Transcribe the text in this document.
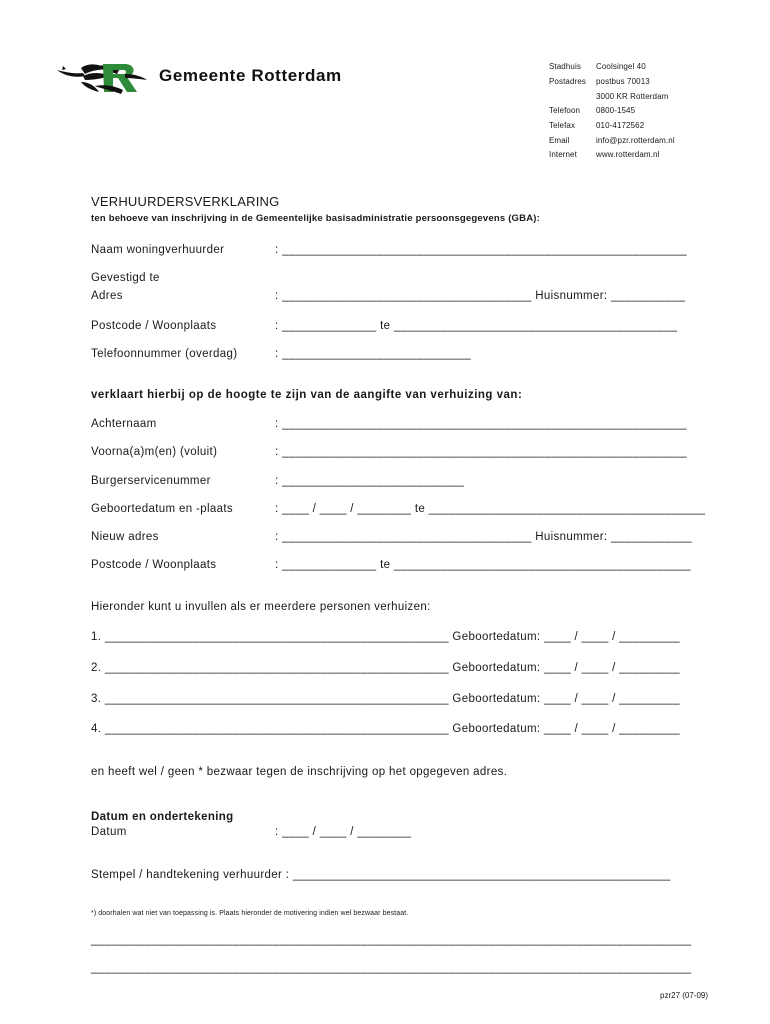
Gemeente Rotterdam	Stadhuis Coolsingel 40
Postadres postbus 70013
3000 KR Rotterdam
Telefoon 0800-1545
Telefax	010-4172562
Email	info@pzr.rotterdam.nl
Internet www.rotterdam.nl
VERHUURDERSVERKLARING
ten behoeve van inschrijving in de Gemeentelijke basisadministratie persoonsgegevens (GBA):
Naam woningverhuurder	: ____________________________________________________________
Gevestigd te
Adres	: _____________________________________ Huisnummer: ___________
Postcode / Woonplaats	: ______________ te __________________________________________
Telefoonnummer (overdag)	: ____________________________
verklaart hierbij op de hoogte te zijn van de aangifte van verhuizing van:
Achternaam	: ____________________________________________________________
Voorna(a)m(en) (voluit)	: ____________________________________________________________
Burgerservicenummer	: ___________________________
Geboortedatum en -plaats	: ____ / ____ / ________ te _________________________________________
Nieuw adres	: _____________________________________ Huisnummer: ____________
Postcode / Woonplaats	: ______________ te ____________________________________________
Hieronder kunt u invullen als er meerdere personen verhuizen:
1. ___________________________________________________ Geboortedatum: ____ / ____ / _________
2. ___________________________________________________ Geboortedatum: ____ / ____ / _________
3. ___________________________________________________ Geboortedatum: ____ / ____ / _________
4. ___________________________________________________ Geboortedatum: ____ / ____ / _________
en heeft wel / geen * bezwaar tegen de inschrijving op het opgegeven adres.
Datum en ondertekening
Datum	: ____ / ____ / ________
Stempel / handtekening verhuurder : ________________________________________________________
*) doorhalen wat niet van toepassing is. Plaats hieronder de motivering indien wel bezwaar bestaat.
_________________________________________________________________________________________
_________________________________________________________________________________________
pzr27 (07-09)
